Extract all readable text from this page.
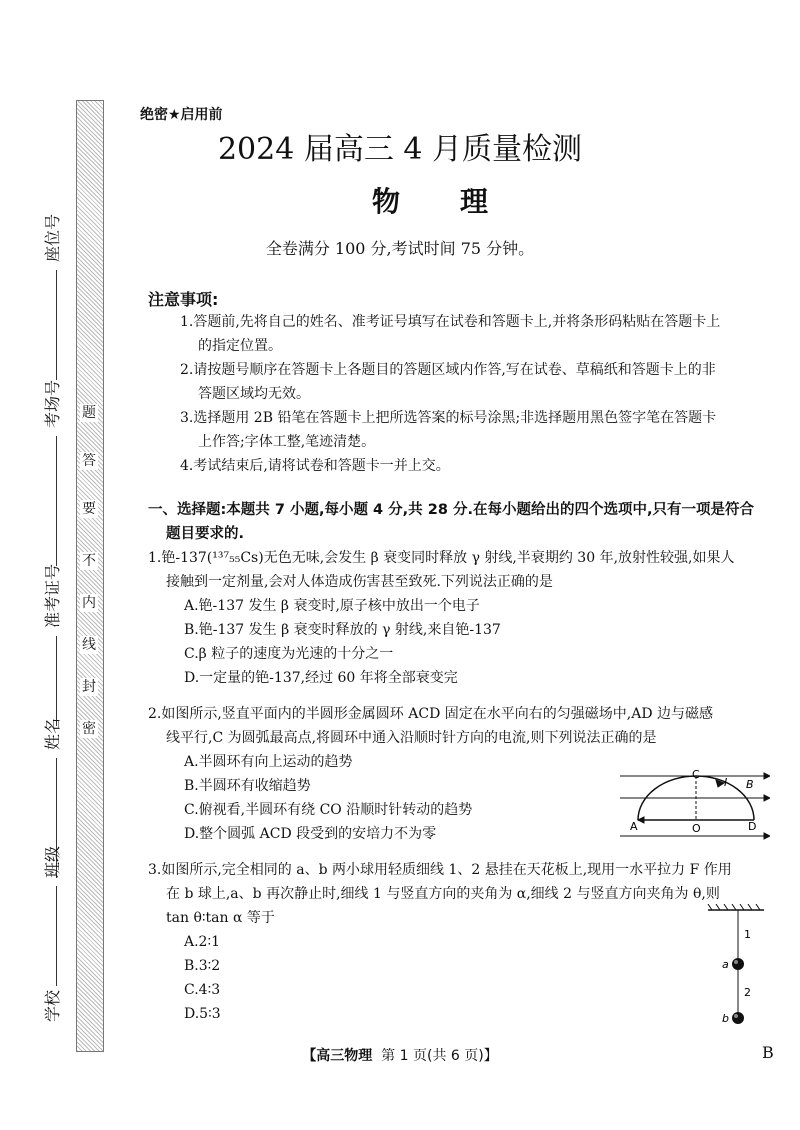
座位号
考场号
准考证号
姓名
班级
学校
密
封
线
内
不
要
答
题
绝密★启用前
2024 届高三 4 月质量检测
物理
全卷满分 100 分,考试时间 75 分钟。
注意事项:

1.答题前,先将自己的姓名、准考证号填写在试卷和答题卡上,并将条形码粘贴在答题卡上

的指定位置。

2.请按题号顺序在答题卡上各题目的答题区域内作答,写在试卷、草稿纸和答题卡上的非

答题区域均无效。

3.选择题用 2B 铅笔在答题卡上把所选答案的标号涂黑;非选择题用黑色签字笔在答题卡

上作答;字体工整,笔迹清楚。

4.考试结束后,请将试卷和答题卡一并上交。

一、选择题:本题共 7 小题,每小题 4 分,共 28 分.在每小题给出的四个选项中,只有一项是符合
题目要求的.

1.铯-137(¹³⁷₅₅Cs)无色无味,会发生 β 衰变同时释放 γ 射线,半衰期约 30 年,放射性较强,如果人

接触到一定剂量,会对人体造成伤害甚至致死.下列说法正确的是

A.铯-137 发生 β 衰变时,原子核中放出一个电子

B.铯-137 发生 β 衰变时释放的 γ 射线,来自铯-137

C.β 粒子的速度为光速的十分之一

D.一定量的铯-137,经过 60 年将全部衰变完

2.如图所示,竖直平面内的半圆形金属圆环 ACD 固定在水平向右的匀强磁场中,AD 边与磁感

线平行,C 为圆弧最高点,将圆环中通入沿顺时针方向的电流,则下列说法正确的是

A.半圆环有向上运动的趋势

B.半圆环有收缩趋势

C.俯视看,半圆环有绕 CO 沿顺时针转动的趋势

D.整个圆弧 ACD 段受到的安培力不为零

C
I B
A	O	D

3.如图所示,完全相同的 a、b 两小球用轻质细线 1、2 悬挂在天花板上,现用一水平拉力 F 作用

在 b 球上,a、b 再次静止时,细线 1 与竖直方向的夹角为 α,细线 2 与竖直方向夹角为 θ,则

tan θ∶tan α 等于

A.2∶1

B.3∶2

C.4∶3

D.5∶3

1
2
a
b
【高三物理 第 1 页(共 6 页)】	B
